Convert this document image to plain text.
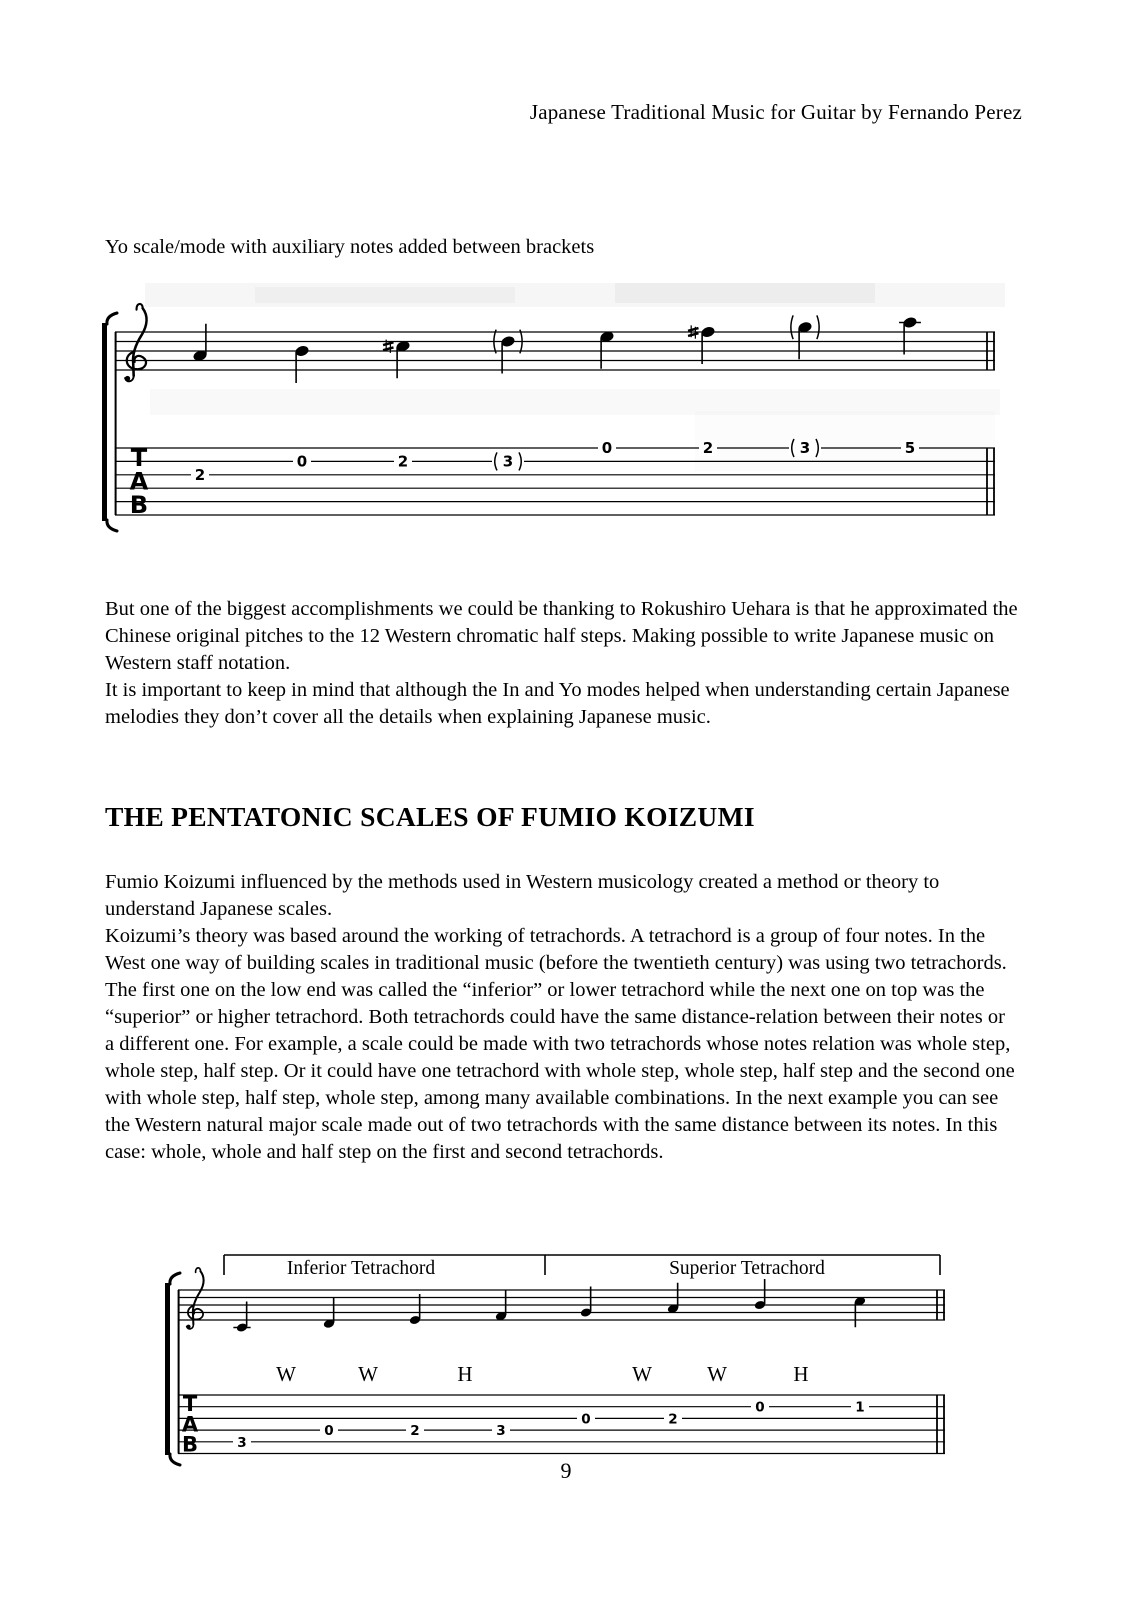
Japanese Traditional Music for Guitar by Fernando Perez
Yo scale/mode with auxiliary notes added between brackets
T
A
B
2
0	2	3
0	2	3	5

But one of the biggest accomplishments we could be thanking to Rokushiro Uehara is that he approximated the Chinese original pitches to the 12 Western chromatic half steps. Making possible to write Japanese music on Western staff notation.

It is important to keep in mind that although the In and Yo modes helped when understanding certain Japanese melodies they don’t cover all the details when explaining Japanese music.

THE PENTATONIC SCALES OF FUMIO KOIZUMI

Fumio Koizumi influenced by the methods used in Western musicology created a method or theory to understand Japanese scales.

Koizumi’s theory was based around the working of tetrachords. A tetrachord is a group of four notes. In the West one way of building scales in traditional music (before the twentieth century) was using two tetrachords. The first one on the low end was called the “inferior” or lower tetrachord while the next one on top was the “superior” or higher tetrachord. Both tetrachords could have the same distance-relation between their notes or a different one. For example, a scale could be made with two tetrachords whose notes relation was whole step, whole step, half step. Or it could have one tetrachord with whole step, whole step, half step and the second one with whole step, half step, whole step, among many available combinations. In the next example you can see the Western natural major scale made out of two tetrachords with the same distance between its notes. In this case: whole, whole and half step on the first and second tetrachords.

T
A
B
Inferior Tetrachord	Superior Tetrachord
W	W	H	W	W	H
3
0	2	3
0	2
0	1
9
